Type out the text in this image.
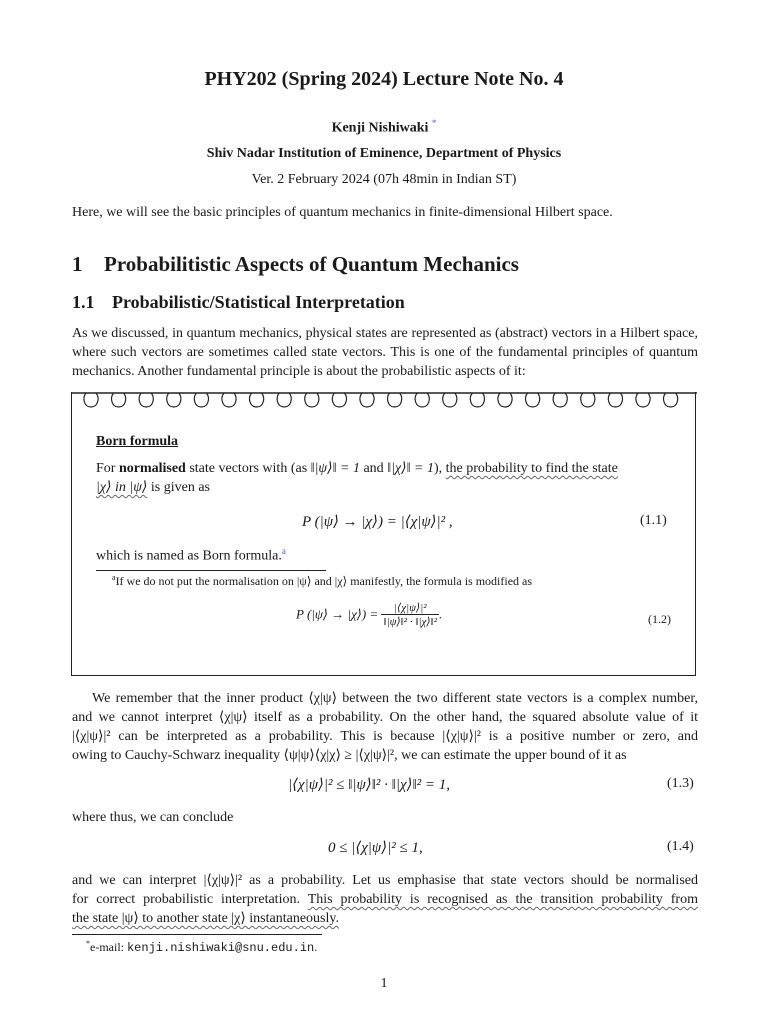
PHY202 (Spring 2024) Lecture Note No. 4
Kenji Nishiwaki *
Shiv Nadar Institution of Eminence, Department of Physics
Ver. 2 February 2024 (07h 48min in Indian ST)
Here, we will see the basic principles of quantum mechanics in finite-dimensional Hilbert space.
1 Probabilitistic Aspects of Quantum Mechanics
1.1 Probabilistic/Statistical Interpretation
As we discussed, in quantum mechanics, physical states are represented as (abstract) vectors in a Hilbert space, where such vectors are sometimes called state vectors. This is one of the fundamental principles of quantum mechanics. Another fundamental principle is about the probabilistic aspects of it:
Born formula
For normalised state vectors with (as ‖|ψ⟩‖ = 1 and ‖|χ⟩‖ = 1), the probability to find the state
|χ⟩ in |ψ⟩ is given as
P (|ψ⟩ → |χ⟩) = |⟨χ|ψ⟩|² ,	(1.1)
which is named as Born formula.$^a$
$^a$If we do not put the normalisation on |ψ⟩ and |χ⟩ manifestly, the formula is modified as
P (|ψ⟩ → |χ⟩) = $\frac{\text{|⟨χ|ψ⟩|²}}{\text{‖|ψ⟩‖² · ‖|χ⟩‖²}}$ .	(1.2)
We remember that the inner product ⟨χ|ψ⟩ between the two different state vectors is a complex number,
and we cannot interpret ⟨χ|ψ⟩ itself as a probability. On the other hand, the squared absolute value of it
|⟨χ|ψ⟩|² can be interpreted as a probability. This is because |⟨χ|ψ⟩|² is a positive number or zero, and
owing to Cauchy-Schwarz inequality ⟨ψ|ψ⟩⟨χ|χ⟩ ≥ |⟨χ|ψ⟩|², we can estimate the upper bound of it as
|⟨χ|ψ⟩|² ≤ ‖|ψ⟩‖² · ‖|χ⟩‖² = 1,	(1.3)
where thus, we can conclude
0 ≤ |⟨χ|ψ⟩|² ≤ 1,	(1.4)
and we can interpret |⟨χ|ψ⟩|² as a probability. Let us emphasise that state vectors should be normalised
for correct probabilistic interpretation. This probability is recognised as the transition probability from
the state |ψ⟩ to another state |χ⟩ instantaneously.
*e-mail: kenji.nishiwaki@snu.edu.in.
1
